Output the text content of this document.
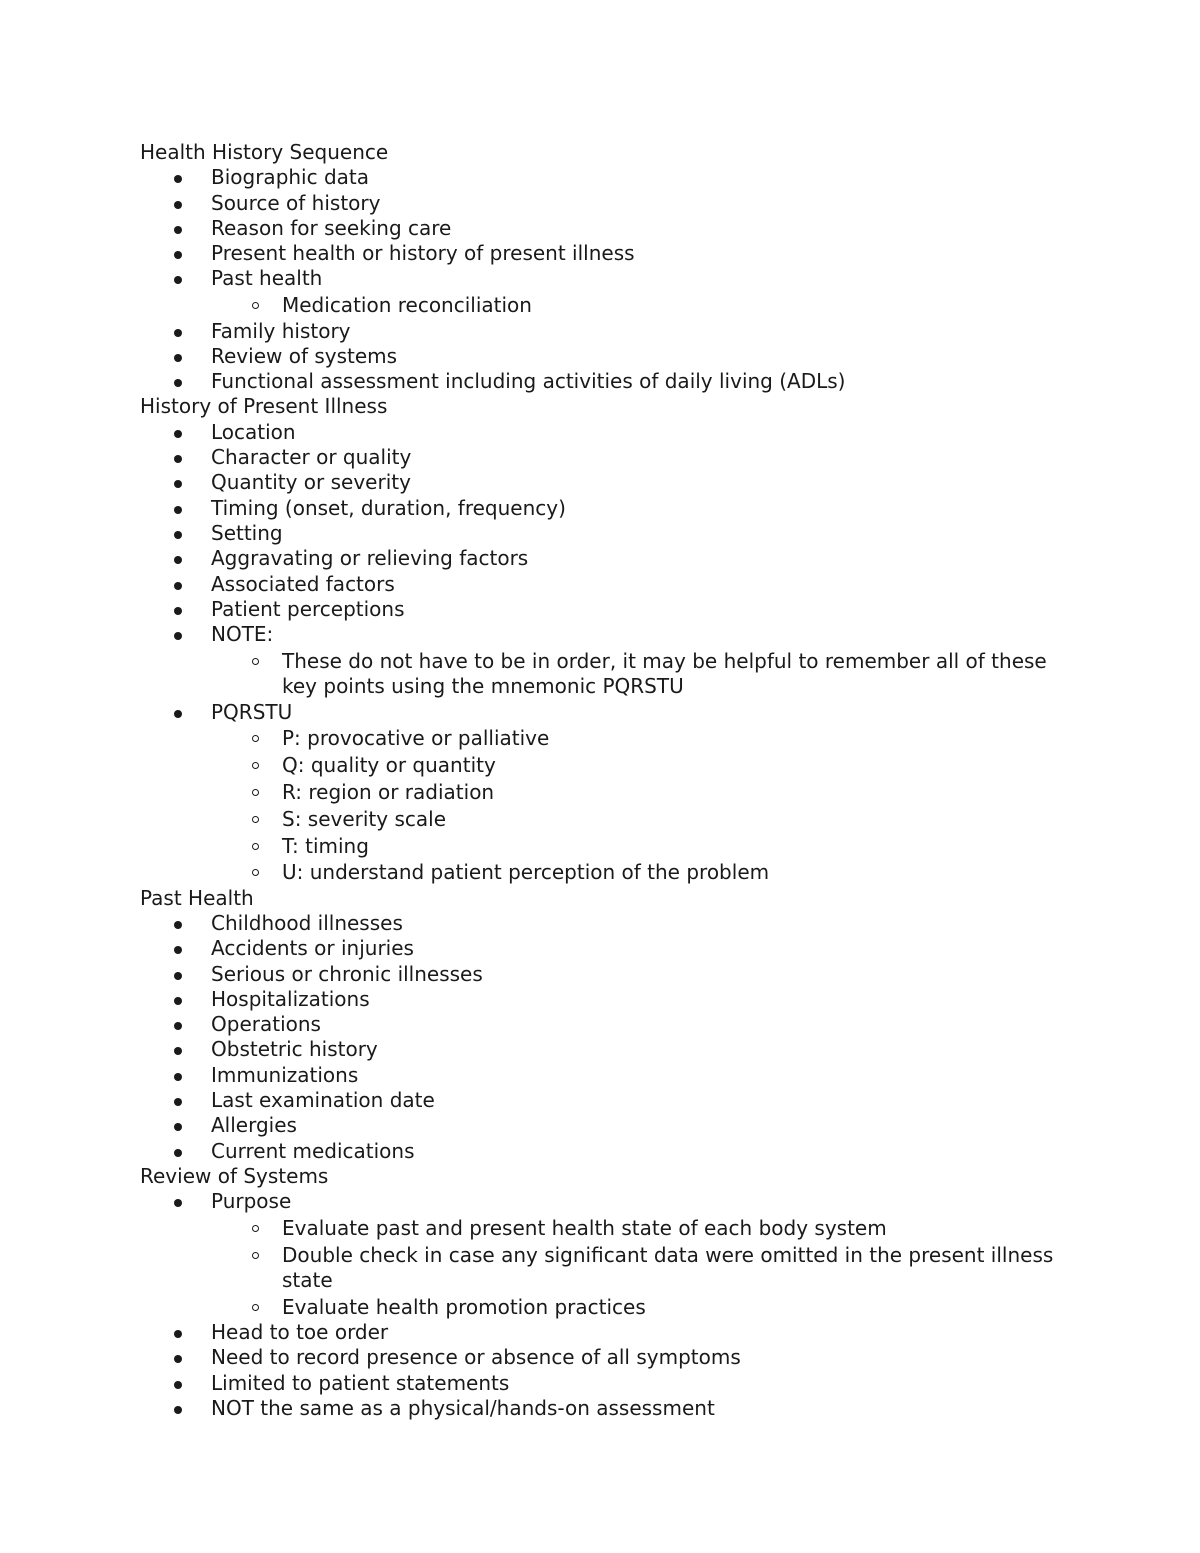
Health History Sequence
Biographic data
Source of history
Reason for seeking care
Present health or history of present illness
Past health
Medication reconciliation
Family history
Review of systems
Functional assessment including activities of daily living (ADLs)
History of Present Illness
Location
Character or quality
Quantity or severity
Timing (onset, duration, frequency)
Setting
Aggravating or relieving factors
Associated factors
Patient perceptions
NOTE:
These do not have to be in order, it may be helpful to remember all of these key points using the mnemonic PQRSTU
PQRSTU
P: provocative or palliative
Q: quality or quantity
R: region or radiation
S: severity scale
T: timing
U: understand patient perception of the problem
Past Health
Childhood illnesses
Accidents or injuries
Serious or chronic illnesses
Hospitalizations
Operations
Obstetric history
Immunizations
Last examination date
Allergies
Current medications
Review of Systems
Purpose
Evaluate past and present health state of each body system
Double check in case any significant data were omitted in the present illness state
Evaluate health promotion practices
Head to toe order
Need to record presence or absence of all symptoms
Limited to patient statements
NOT the same as a physical/hands-on assessment
